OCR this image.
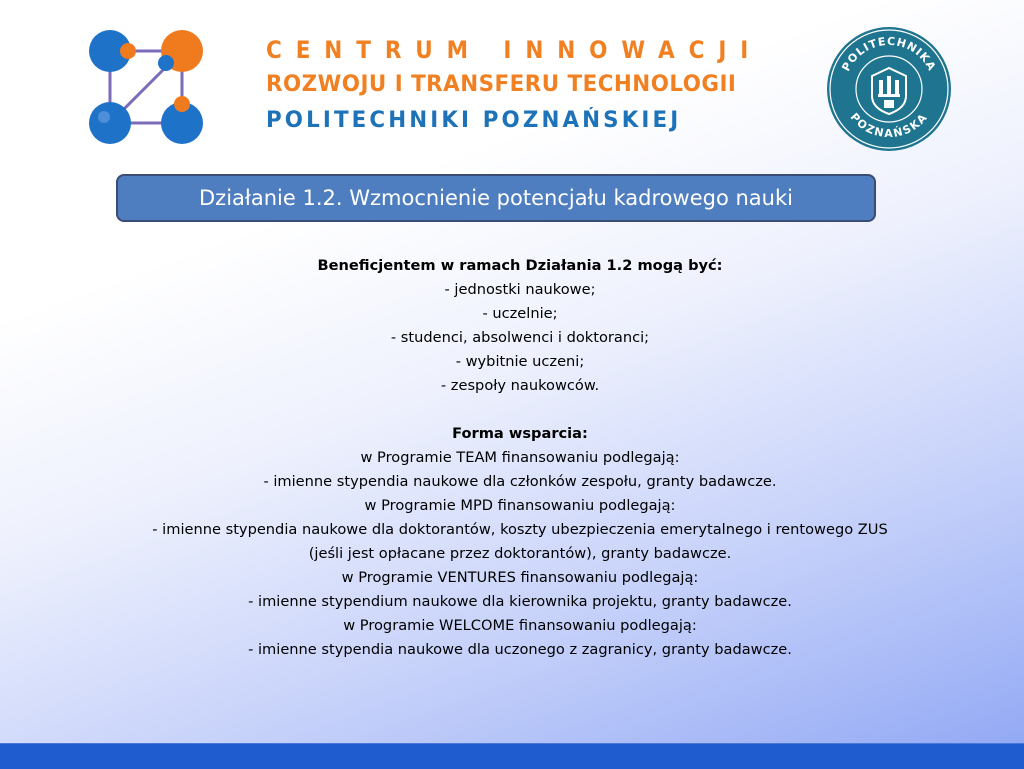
CENTRUM INNOWACJI
ROZWOJU I TRANSFERU TECHNOLOGII
POLITECHNIKI POZNAŃSKIEJ
POLITECHNIKA
POZNAŃSKA
Działanie 1.2. Wzmocnienie potencjału kadrowego nauki
Beneficjentem w ramach Działania 1.2 mogą być:
- jednostki naukowe;
- uczelnie;
- studenci, absolwenci i doktoranci;
- wybitnie uczeni;
- zespoły naukowców.
Forma wsparcia:
w Programie TEAM finansowaniu podlegają:
- imienne stypendia naukowe dla członków zespołu, granty badawcze.
w Programie MPD finansowaniu podlegają:
- imienne stypendia naukowe dla doktorantów, koszty ubezpieczenia emerytalnego i rentowego ZUS
(jeśli jest opłacane przez doktorantów), granty badawcze.
w Programie VENTURES finansowaniu podlegają:
- imienne stypendium naukowe dla kierownika projektu, granty badawcze.
w Programie WELCOME finansowaniu podlegają:
- imienne stypendia naukowe dla uczonego z zagranicy, granty badawcze.
